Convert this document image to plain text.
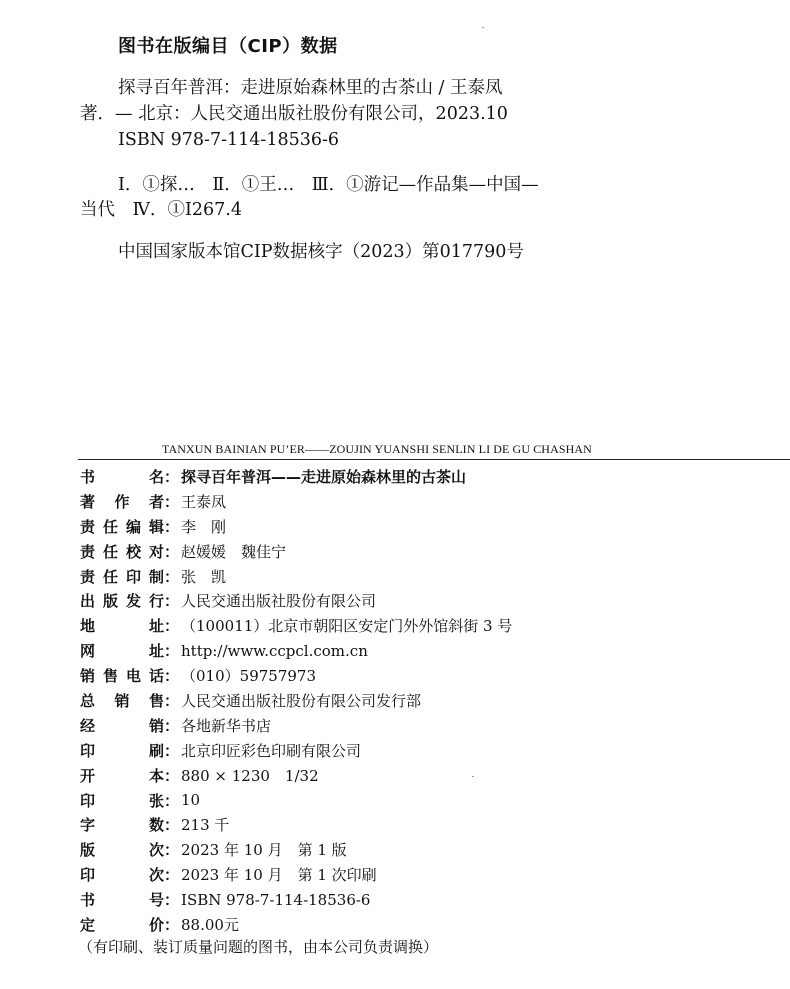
图书在版编目（CIP）数据
探寻百年普洱：走进原始森林里的古茶山 / 王泰凤
著．— 北京：人民交通出版社股份有限公司，2023.10
ISBN 978-7-114-18536-6
Ⅰ．①探…　Ⅱ．①王…　Ⅲ．①游记—作品集—中国—
当代　Ⅳ．①I267.4
中国国家版本馆CIP数据核字（2023）第017790号
TANXUN BAINIAN PU’ER——ZOUJIN YUANSHI SENLIN LI DE GU CHASHAN
书	名 ： 探寻百年普洱——走进原始森林里的古茶山
著 作 者 ： 王泰凤
责 任 编 辑 ： 李　刚
责 任 校 对 ： 赵媛媛　魏佳宁
责 任 印 制 ： 张　凯
出 版 发 行 ： 人民交通出版社股份有限公司
地	址 ： （100011）北京市朝阳区安定门外外馆斜街 3 号
网	址 ： http://www.ccpcl.com.cn
销 售 电 话 ： （010）59757973
总 销 售 ： 人民交通出版社股份有限公司发行部
经	销 ： 各地新华书店
印	刷 ： 北京印匠彩色印刷有限公司
开	本 ： 880 × 1230　1/32
印	张 ： 10
字	数 ： 213 千
版	次 ： 2023 年 10 月　第 1 版
印	次 ： 2023 年 10 月　第 1 次印刷
书	号 ： ISBN 978-7-114-18536-6
定	价 ： 88.00元
（有印刷、装订质量问题的图书，由本公司负责调换）
